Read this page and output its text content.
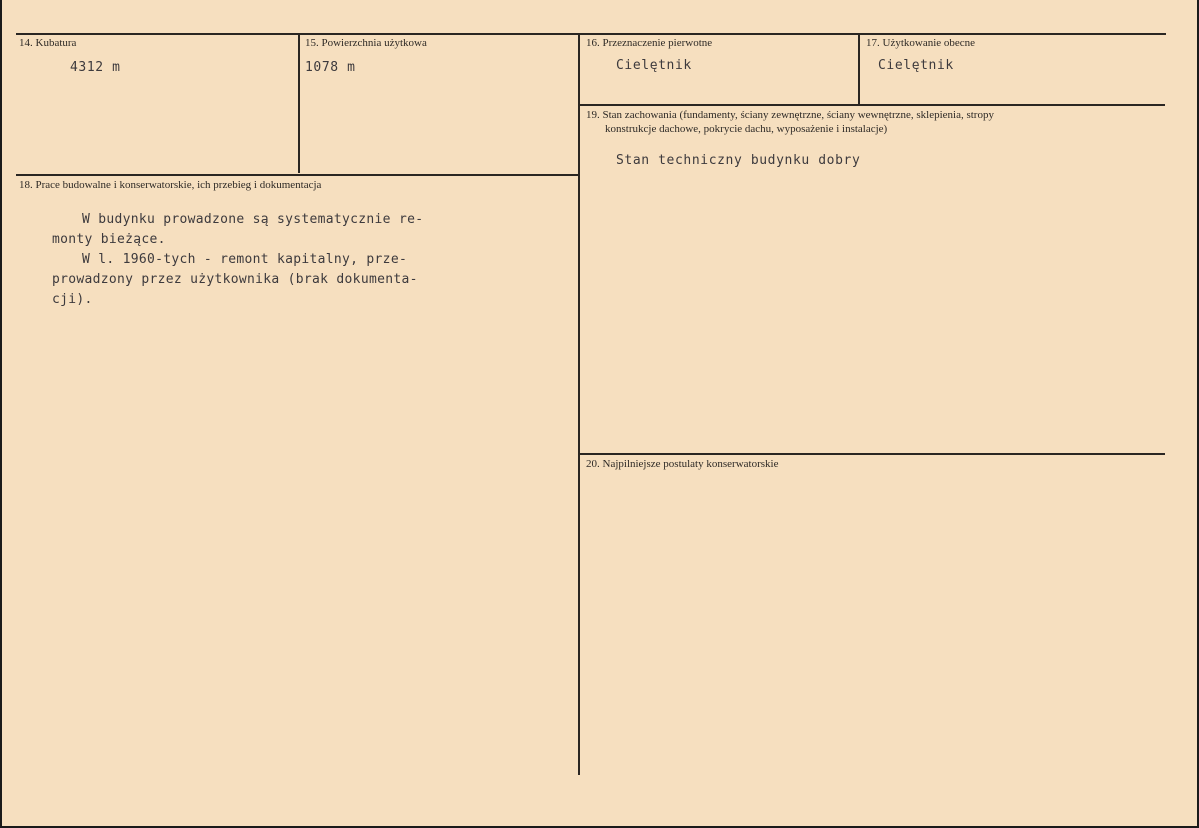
14. Kubatura
4312 m
15. Powierzchnia użytkowa
1078 m
16. Przeznaczenie pierwotne
Cielętnik
17. Użytkowanie obecne
Cielętnik
18. Prace budowalne i konserwatorskie, ich przebieg i dokumentacja
W budynku prowadzone są systematycznie re-
monty bieżące.
W l. 1960-tych - remont kapitalny, prze-
prowadzony przez użytkownika (brak dokumenta-
cji).
19. Stan zachowania (fundamenty, ściany zewnętrzne, ściany wewnętrzne, sklepienia, stropy
konstrukcje dachowe, pokrycie dachu, wyposażenie i instalacje)
Stan techniczny budynku dobry
20. Najpilniejsze postulaty konserwatorskie
